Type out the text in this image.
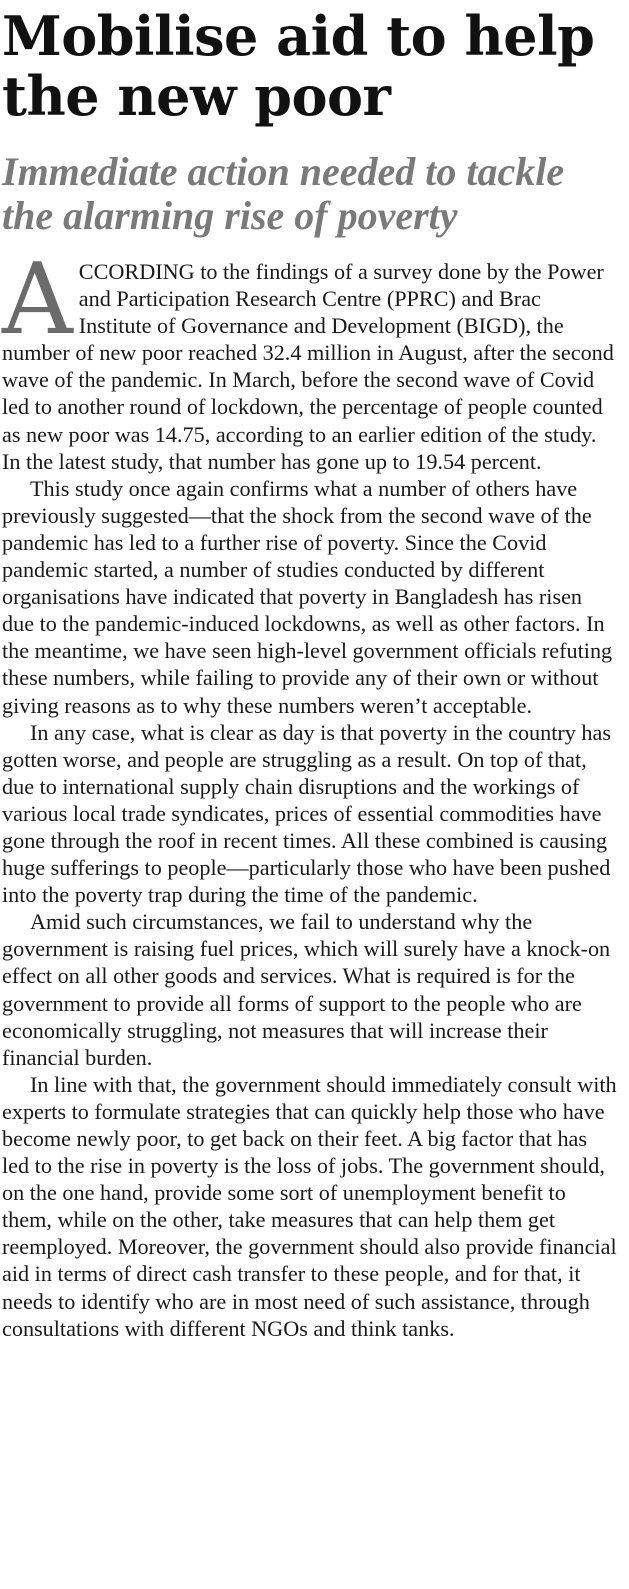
Mobilise aid to help the new poor
Immediate action needed to tackle the alarming rise of poverty

ACCORDING to the findings of a survey done by the Power and Participation Research Centre (PPRC) and Brac Institute of Governance and Development (BIGD), the number of new poor reached 32.4 million in August, after the second wave of the pandemic. In March, before the second wave of Covid led to another round of lockdown, the percentage of people counted as new poor was 14.75, according to an earlier edition of the study. In the latest study, that number has gone up to 19.54 percent.

This study once again confirms what a number of others have previously suggested—that the shock from the second wave of the pandemic has led to a further rise of poverty. Since the Covid pandemic started, a number of studies conducted by different organisations have indicated that poverty in Bangladesh has risen due to the pandemic-induced lockdowns, as well as other factors. In the meantime, we have seen high-level government officials refuting these numbers, while failing to provide any of their own or without giving reasons as to why these numbers weren’t acceptable.

In any case, what is clear as day is that poverty in the country has gotten worse, and people are struggling as a result. On top of that, due to international supply chain disruptions and the workings of various local trade syndicates, prices of essential commodities have gone through the roof in recent times. All these combined is causing huge sufferings to people—particularly those who have been pushed into the poverty trap during the time of the pandemic.

Amid such circumstances, we fail to understand why the government is raising fuel prices, which will surely have a knock-on effect on all other goods and services. What is required is for the government to provide all forms of support to the people who are economically struggling, not measures that will increase their financial burden.

In line with that, the government should immediately consult with experts to formulate strategies that can quickly help those who have become newly poor, to get back on their feet. A big factor that has led to the rise in poverty is the loss of jobs. The government should, on the one hand, provide some sort of unemployment benefit to them, while on the other, take measures that can help them get reemployed. Moreover, the government should also provide financial aid in terms of direct cash transfer to these people, and for that, it needs to identify who are in most need of such assistance, through consultations with different NGOs and think tanks.
